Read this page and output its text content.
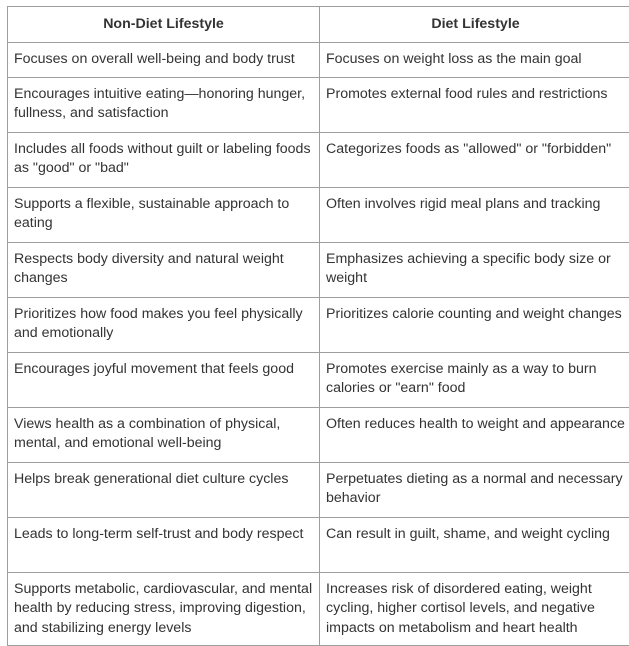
Non-Diet Lifestyle	Diet Lifestyle
Focuses on overall well-being and body trust	Focuses on weight loss as the main goal
Encourages intuitive eating—honoring hunger, fullness, and satisfaction	Promotes external food rules and restrictions
Includes all foods without guilt or labeling foods as "good" or "bad"	Categorizes foods as "allowed" or "forbidden"
Supports a flexible, sustainable approach to eating	Often involves rigid meal plans and tracking
Respects body diversity and natural weight changes	Emphasizes achieving a specific body size or weight
Prioritizes how food makes you feel physically and emotionally	Prioritizes calorie counting and weight changes
Encourages joyful movement that feels good	Promotes exercise mainly as a way to burn calories or "earn" food
Views health as a combination of physical, mental, and emotional well-being	Often reduces health to weight and appearance
Helps break generational diet culture cycles	Perpetuates dieting as a normal and necessary behavior
Leads to long-term self-trust and body respect	Can result in guilt, shame, and weight cycling
Supports metabolic, cardiovascular, and mental health by reducing stress, improving digestion, and stabilizing energy levels	Increases risk of disordered eating, weight cycling, higher cortisol levels, and negative impacts on metabolism and heart health
